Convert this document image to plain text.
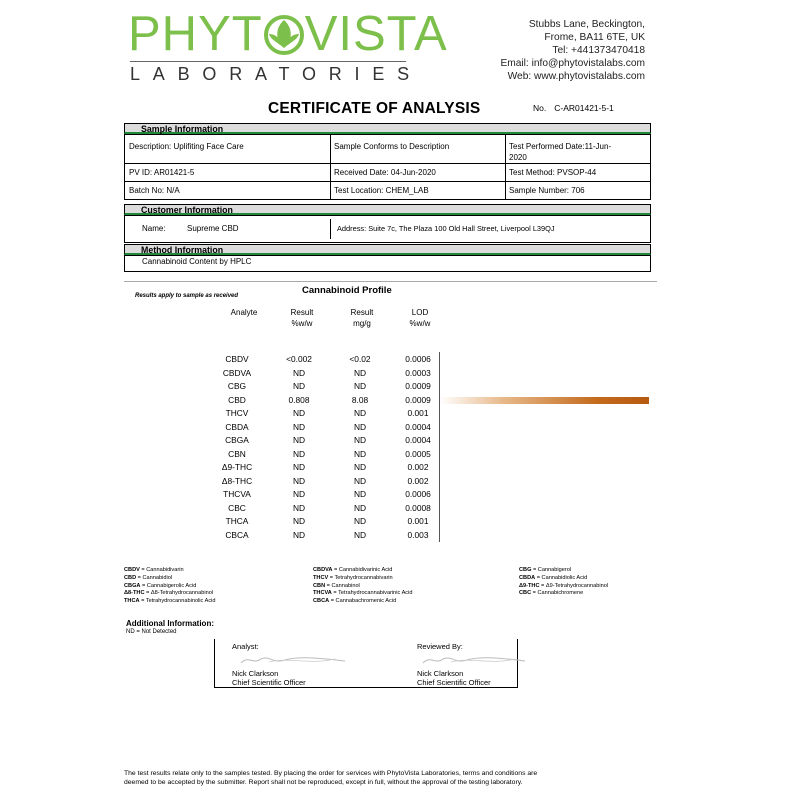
PHYT VISTA
LABORATORIES
Stubbs Lane, Beckington,
Frome, BA11 6TE, UK
Tel: +441373470418
Email: info@phytovistalabs.com
Web: www.phytovistalabs.com
CERTIFICATE OF ANALYSIS	No. C-AR01421-5-1
Sample Information
Description: Uplifiting Face Care	Sample Conforms to Description	Test Performed Date:11-Jun-
2020
PV ID: AR01421-5	Received Date: 04-Jun-2020	Test Method: PVSOP-44
Batch No: N/A	Test Location: CHEM_LAB	Sample Number: 706
Customer Information
Name:	Supreme CBD	Address: Suite 7c, The Plaza 100 Old Hall Street, Liverpool L39QJ
Method Information
Cannabinoid Content by HPLC
Cannabinoid Profile
Results apply to sample as received
Analyte	Result
%w/w
Result
mg/g
LOD
%w/w
CBDV	<0.002	<0.02	0.0006
CBDVA	ND	ND	0.0003
CBG	ND	ND	0.0009
CBD	0.808	8.08	0.0009
THCV	ND	ND	0.001
CBDA	ND	ND	0.0004
CBGA	ND	ND	0.0004
CBN	ND	ND	0.0005
Δ9-THC	ND	ND	0.002
Δ8-THC	ND	ND	0.002
THCVA	ND	ND	0.0006
CBC	ND	ND	0.0008
THCA	ND	ND	0.001
CBCA	ND	ND	0.003
CBDV = Cannabidivarin
CBD = Cannabidiol
CBGA = Cannabigerolic Acid
Δ8-THC = Δ8-Tetrahydrocannabinol
THCA = Tetrahydrocannabinolic Acid
CBDVA = Cannabidivarinic Acid
THCV = Tetrahydrocannabivarin
CBN = Cannabinol
THCVA = Tetrahydrocannabivarinic Acid
CBCA = Cannabachromenic Acid
CBG = Cannabigerol
CBDA = Cannabidiolic Acid
Δ9-THC = Δ9-Tetrahydrocannabinol
CBC = Cannabichromene
Additional Information:
ND = Not Detected
Analyst:
Nick Clarkson
Chief Scientific Officer
Reviewed By:
Nick Clarkson
Chief Scientific Officer
The test results relate only to the samples tested. By placing the order for services with PhytoVista Laboratories, terms and conditions are
deemed to be accepted by the submitter. Report shall not be reproduced, except in full, without the approval of the testing laboratory.
